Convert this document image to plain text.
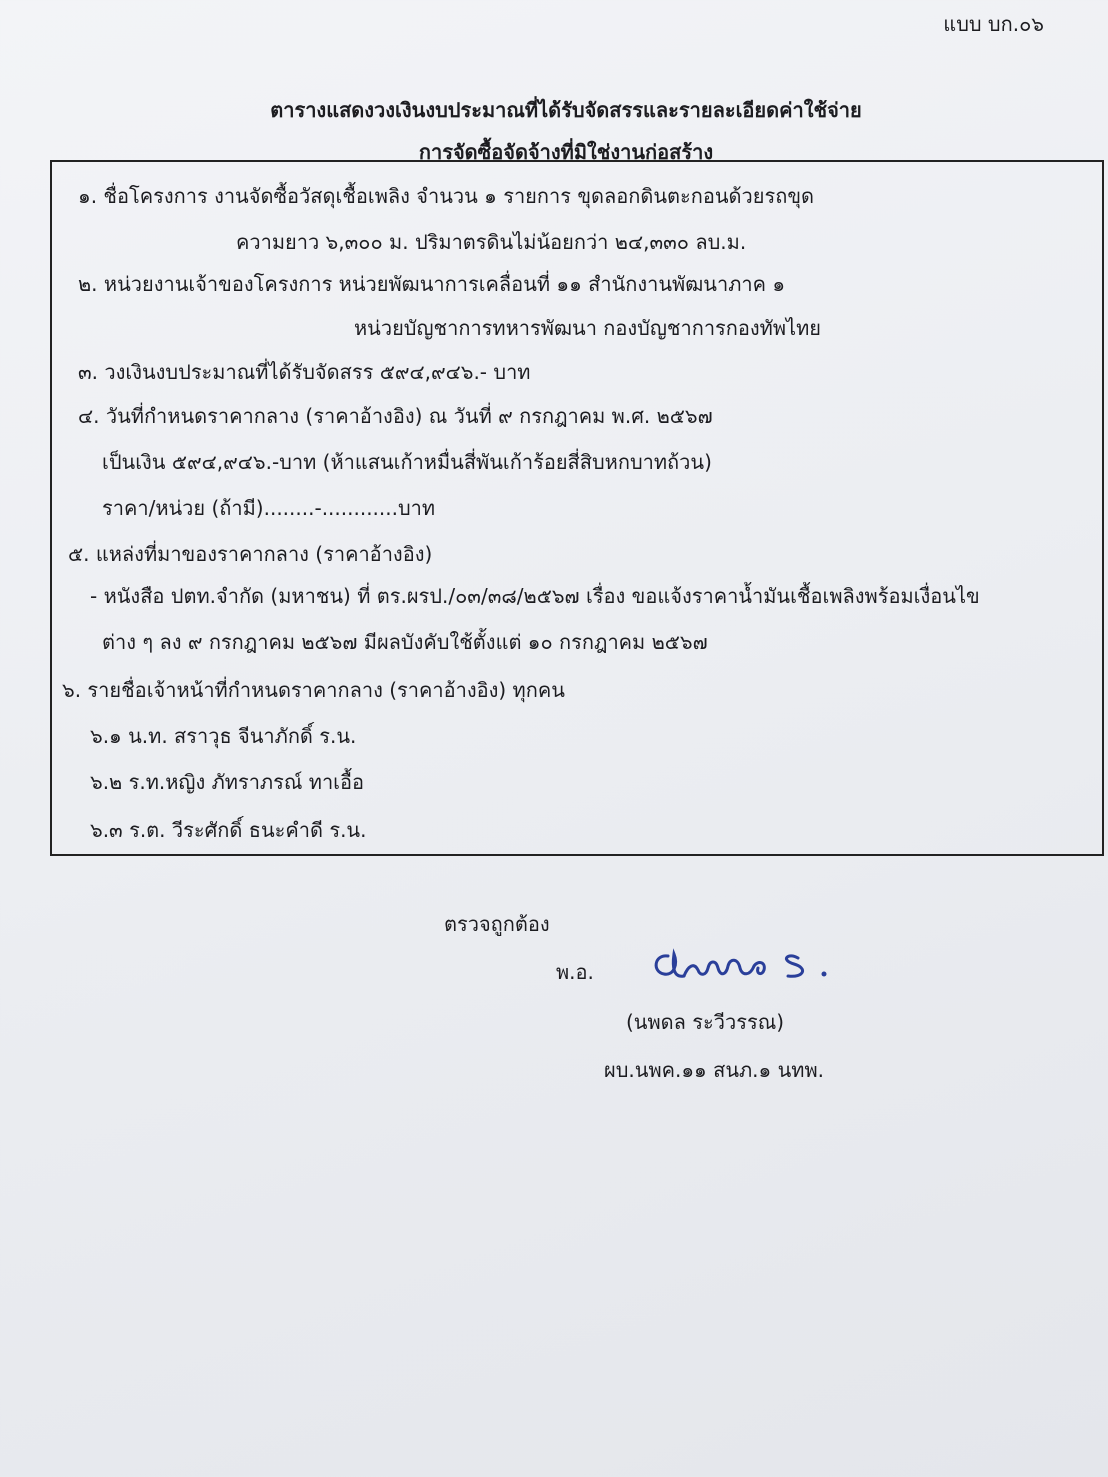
แบบ บก.๐๖
ตารางแสดงวงเงินงบประมาณที่ได้รับจัดสรรและรายละเอียดค่าใช้จ่าย
การจัดซื้อจัดจ้างที่มิใช่งานก่อสร้าง
๑. ชื่อโครงการ งานจัดซื้อวัสดุเชื้อเพลิง จำนวน ๑ รายการ ขุดลอกดินตะกอนด้วยรถขุด
ความยาว ๖,๓๐๐ ม. ปริมาตรดินไม่น้อยกว่า ๒๔,๓๓๐ ลบ.ม.
๒. หน่วยงานเจ้าของโครงการ หน่วยพัฒนาการเคลื่อนที่ ๑๑ สำนักงานพัฒนาภาค ๑
หน่วยบัญชาการทหารพัฒนา กองบัญชาการกองทัพไทย
๓. วงเงินงบประมาณที่ได้รับจัดสรร ๕๙๔,๙๔๖.- บาท
๔. วันที่กำหนดราคากลาง (ราคาอ้างอิง) ณ วันที่ ๙ กรกฎาคม พ.ศ. ๒๕๖๗
เป็นเงิน ๕๙๔,๙๔๖.-บาท (ห้าแสนเก้าหมื่นสี่พันเก้าร้อยสี่สิบหกบาทถ้วน)
ราคา/หน่วย (ถ้ามี)........-............บาท
๕. แหล่งที่มาของราคากลาง (ราคาอ้างอิง)
- หนังสือ ปตท.จำกัด (มหาชน) ที่ ตร.ผรป./๐๓/๓๘/๒๕๖๗ เรื่อง ขอแจ้งราคาน้ำมันเชื้อเพลิงพร้อมเงื่อนไข
ต่าง ๆ ลง ๙ กรกฎาคม ๒๕๖๗ มีผลบังคับใช้ตั้งแต่ ๑๐ กรกฎาคม ๒๕๖๗
๖. รายชื่อเจ้าหน้าที่กำหนดราคากลาง (ราคาอ้างอิง) ทุกคน
๖.๑ น.ท. สราวุธ จีนาภักดิ์ ร.น.
๖.๒ ร.ท.หญิง ภัทราภรณ์ ทาเอื้อ
๖.๓ ร.ต. วีระศักดิ์ ธนะคำดี ร.น.
ตรวจถูกต้อง
พ.อ.
(นพดล ระวีวรรณ)
ผบ.นพค.๑๑ สนภ.๑ นทพ.
